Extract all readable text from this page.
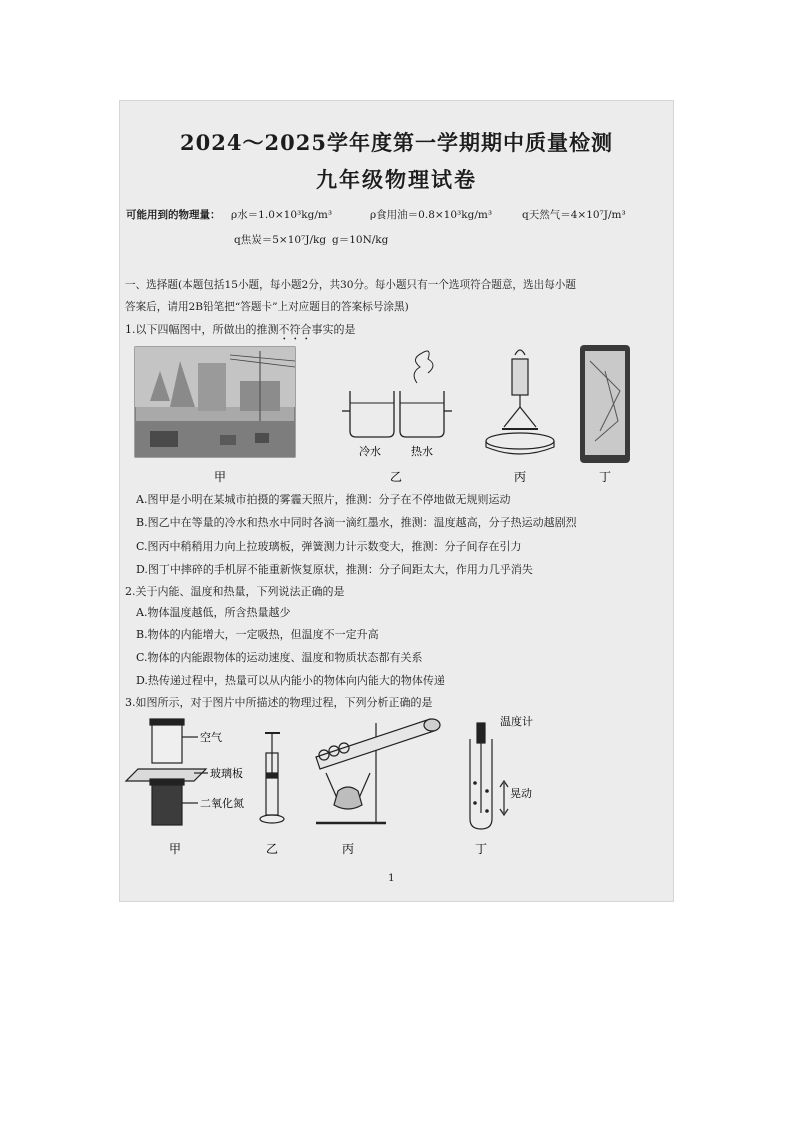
2024～2025学年度第一学期期中质量检测
九年级物理试卷
可能用到的物理量： ρ水＝1.0×10³kg/m³	ρ食用油＝0.8×10³kg/m³	q天然气＝4×10⁷J/m³
q焦炭＝5×10⁷J/kg g＝10N/kg
一、选择题(本题包括15小题，每小题2分，共30分。每小题只有一个选项符合题意，选出每小题
答案后，请用2B铅笔把“答题卡”上对应题目的答案标号涂黑)
1.以下四幅图中，所做出的推测不符合事实的是
甲
冷水	热水
乙	丙	丁
A.图甲是小明在某城市拍摄的雾霾天照片，推测：分子在不停地做无规则运动
B.图乙中在等量的冷水和热水中同时各滴一滴红墨水，推测：温度越高，分子热运动越剧烈
C.图丙中稍稍用力向上拉玻璃板，弹簧测力计示数变大，推测：分子间存在引力
D.图丁中摔碎的手机屏不能重新恢复原状，推测：分子间距太大，作用力几乎消失
2.关于内能、温度和热量，下列说法正确的是
A.物体温度越低，所含热量越少
B.物体的内能增大，一定吸热，但温度不一定升高
C.物体的内能跟物体的运动速度、温度和物质状态都有关系
D.热传递过程中，热量可以从内能小的物体向内能大的物体传递
3.如图所示，对于图片中所描述的物理过程，下列分析正确的是
空气
玻璃板
二氧化氮
甲	乙	丙
温度计
晃动
丁
1
